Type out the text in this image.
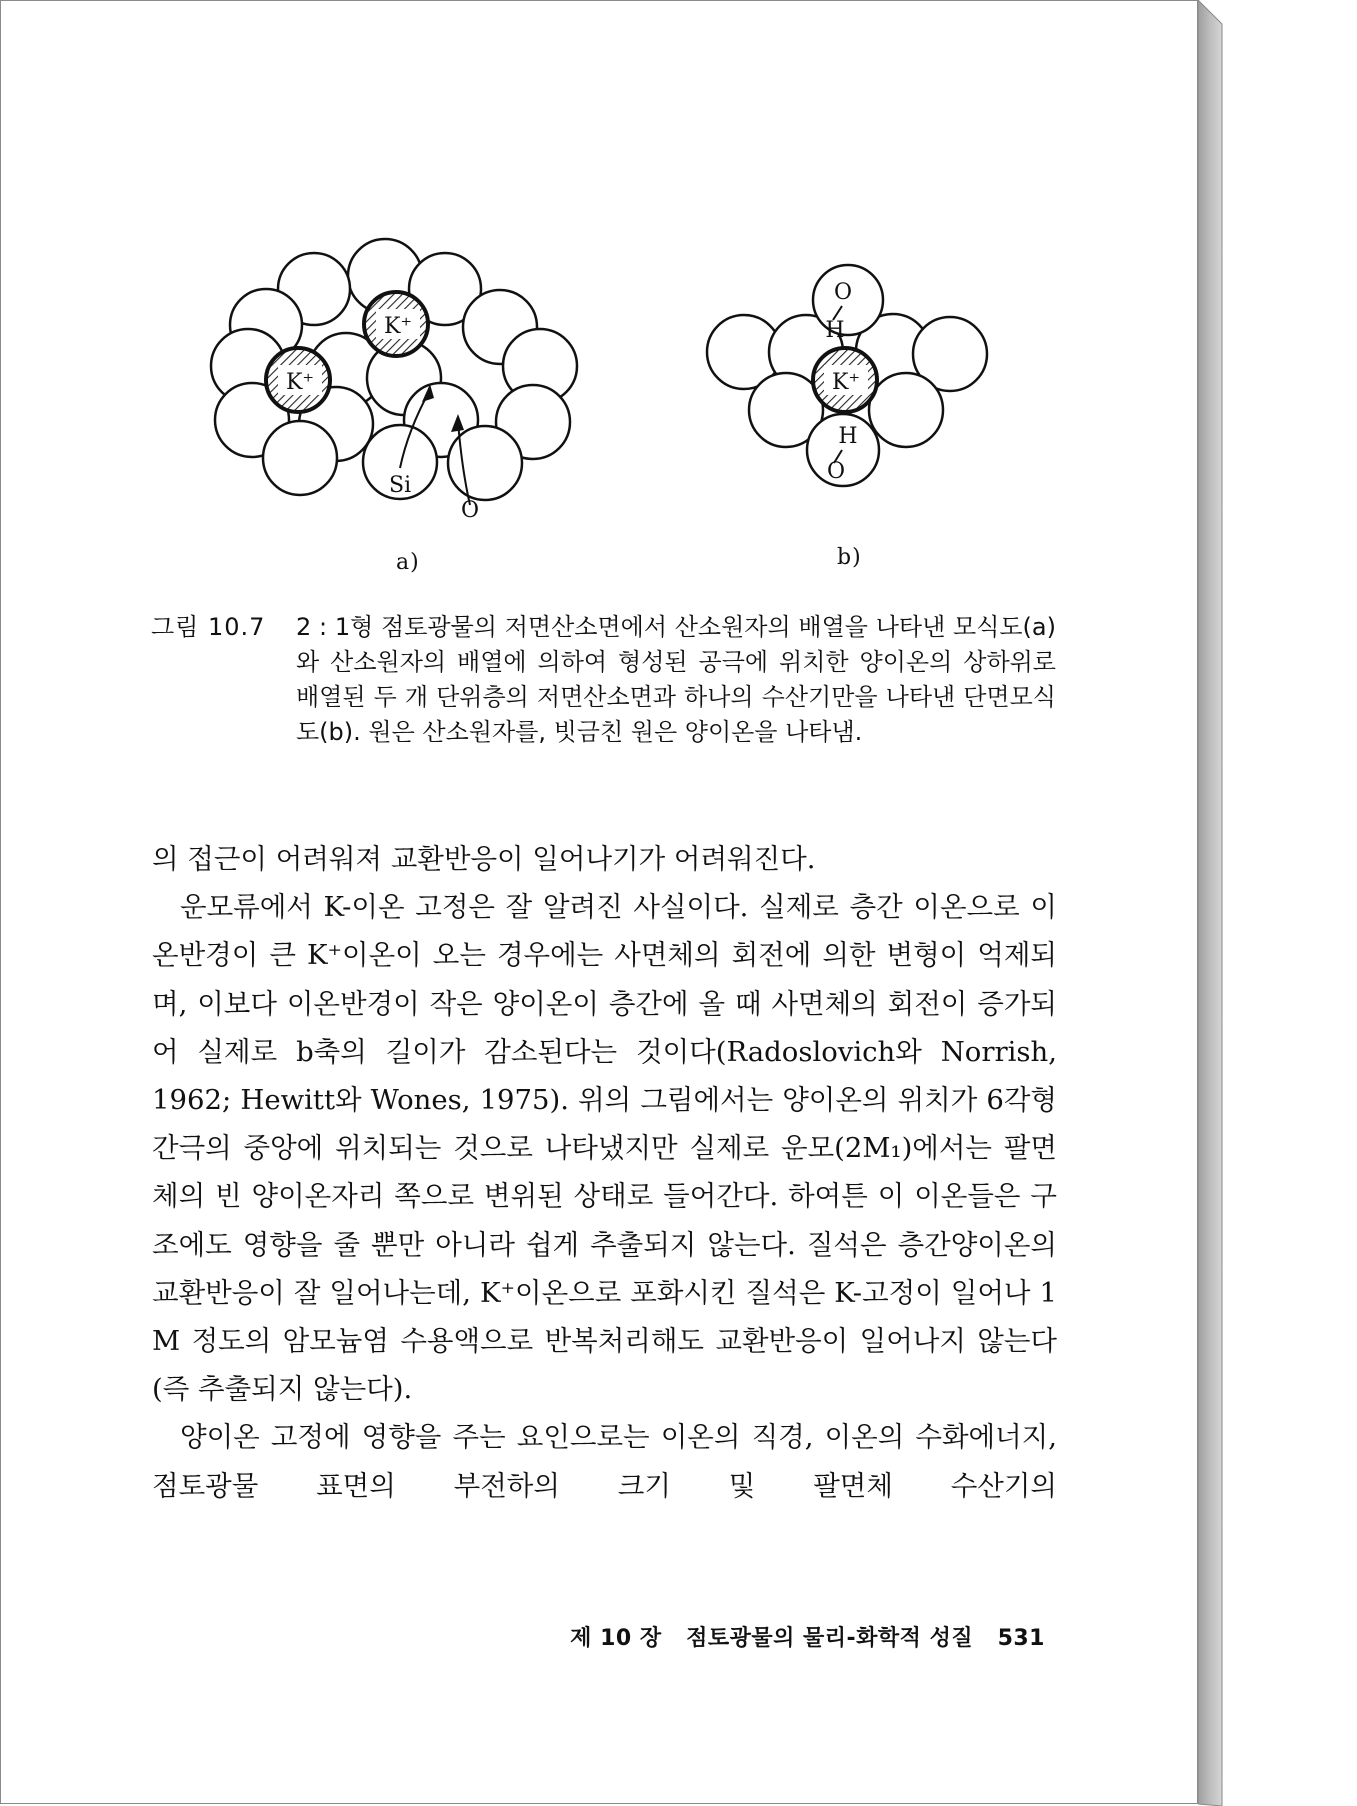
K⁺
K⁺
Si
O
K⁺
O
H
H
O
a)	b)
그림 10.7	2 : 1형 점토광물의 저면산소면에서 산소원자의 배열을 나타낸 모식도(a)와 산소원자의 배열에 의하여 형성된 공극에 위치한 양이온의 상하위로 배열된 두 개 단위층의 저면산소면과 하나의 수산기만을 나타낸 단면모식도(b). 원은 산소원자를, 빗금친 원은 양이온을 나타냄.

의 접근이 어려워져 교환반응이 일어나기가 어려워진다.

운모류에서 K-이온 고정은 잘 알려진 사실이다. 실제로 층간 이온으로 이온반경이 큰 K⁺이온이 오는 경우에는 사면체의 회전에 의한 변형이 억제되며, 이보다 이온반경이 작은 양이온이 층간에 올 때 사면체의 회전이 증가되어 실제로 b축의 길이가 감소된다는 것이다(Radoslovich와 Norrish, 1962; Hewitt와 Wones, 1975). 위의 그림에서는 양이온의 위치가 6각형 간극의 중앙에 위치되는 것으로 나타냈지만 실제로 운모(2M₁)에서는 팔면체의 빈 양이온자리 쪽으로 변위된 상태로 들어간다. 하여튼 이 이온들은 구조에도 영향을 줄 뿐만 아니라 쉽게 추출되지 않는다. 질석은 층간양이온의 교환반응이 잘 일어나는데, K⁺이온으로 포화시킨 질석은 K-고정이 일어나 1 M 정도의 암모늄염 수용액으로 반복처리해도 교환반응이 일어나지 않는다(즉 추출되지 않는다).

양이온 고정에 영향을 주는 요인으로는 이온의 직경, 이온의 수화에너지, 점토광물 표면의 부전하의 크기 및 팔면체 수산기의

제 10 장 점토광물의 물리-화학적 성질 531
